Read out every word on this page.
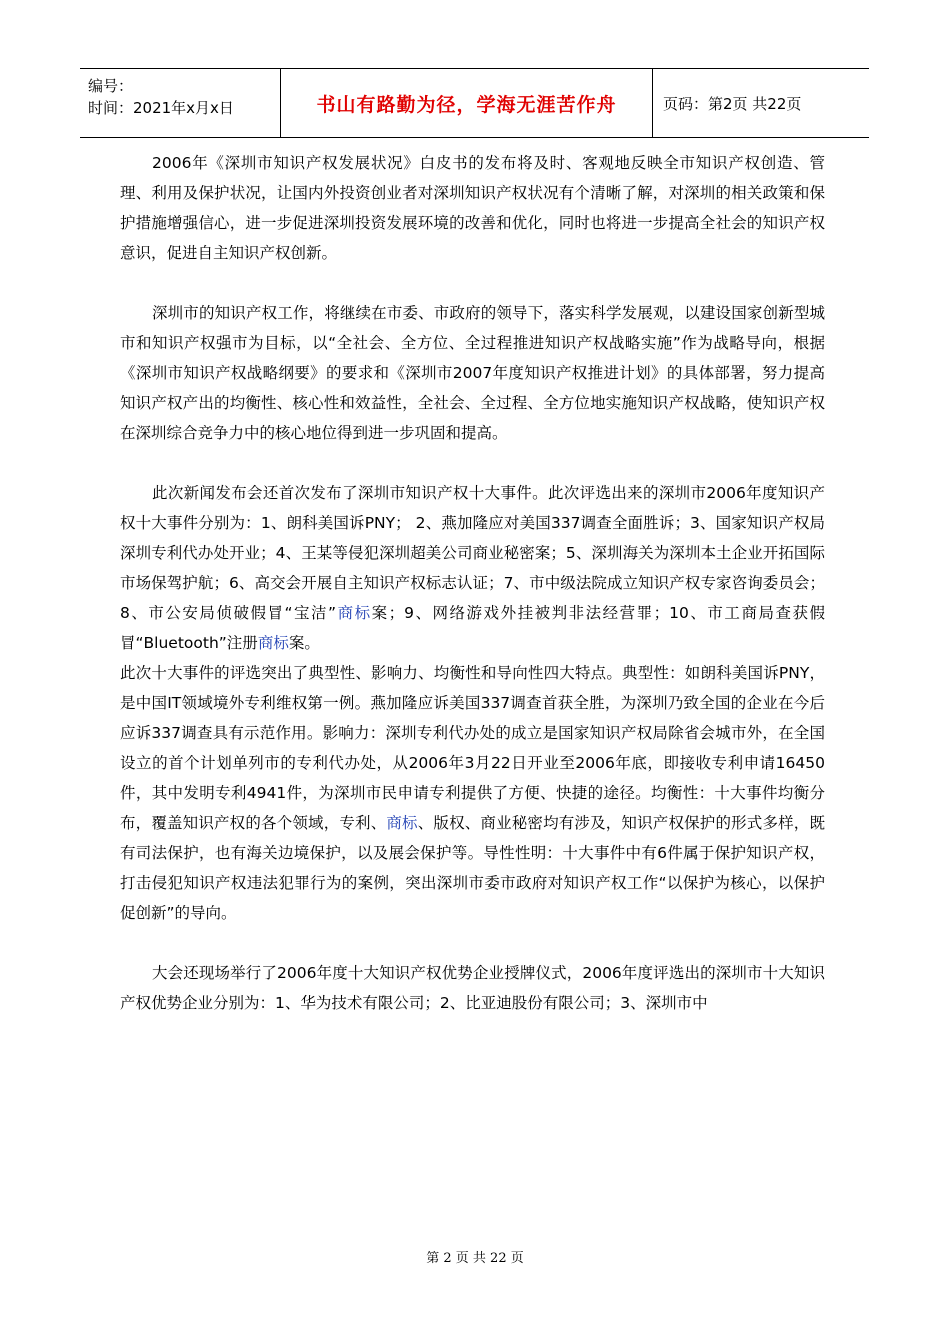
编号：
时间：2021年x月x日	书山有路勤为径，学海无涯苦作舟	页码：第2页 共22页

2006年《深圳市知识产权发展状况》白皮书的发布将及时、客观地反映全市知识产权创造、管理、利用及保护状况，让国内外投资创业者对深圳知识产权状况有个清晰了解，对深圳的相关政策和保护措施增强信心，进一步促进深圳投资发展环境的改善和优化，同时也将进一步提高全社会的知识产权意识，促进自主知识产权创新。

深圳市的知识产权工作，将继续在市委、市政府的领导下，落实科学发展观，以建设国家创新型城市和知识产权强市为目标，以“全社会、全方位、全过程推进知识产权战略实施”作为战略导向，根据《深圳市知识产权战略纲要》的要求和《深圳市2007年度知识产权推进计划》的具体部署，努力提高知识产权产出的均衡性、核心性和效益性，全社会、全过程、全方位地实施知识产权战略，使知识产权在深圳综合竞争力中的核心地位得到进一步巩固和提高。

此次新闻发布会还首次发布了深圳市知识产权十大事件。此次评选出来的深圳市2006年度知识产权十大事件分别为：1、朗科美国诉PNY； 2、燕加隆应对美国337调查全面胜诉；3、国家知识产权局深圳专利代办处开业；4、王某等侵犯深圳超美公司商业秘密案；5、深圳海关为深圳本土企业开拓国际市场保驾护航；6、高交会开展自主知识产权标志认证；7、市中级法院成立知识产权专家咨询委员会；8、市公安局侦破假冒“宝洁”商标案；9、网络游戏外挂被判非法经营罪；10、市工商局查获假冒“Bluetooth”注册商标案。

此次十大事件的评选突出了典型性、影响力、均衡性和导向性四大特点。典型性：如朗科美国诉PNY，是中国IT领域境外专利维权第一例。燕加隆应诉美国337调查首获全胜，为深圳乃致全国的企业在今后应诉337调查具有示范作用。影响力：深圳专利代办处的成立是国家知识产权局除省会城市外，在全国设立的首个计划单列市的专利代办处，从2006年3月22日开业至2006年底，即接收专利申请16450件，其中发明专利4941件，为深圳市民申请专利提供了方便、快捷的途径。均衡性：十大事件均衡分布，覆盖知识产权的各个领域，专利、商标、版权、商业秘密均有涉及，知识产权保护的形式多样，既有司法保护，也有海关边境保护，以及展会保护等。导性性明：十大事件中有6件属于保护知识产权，打击侵犯知识产权违法犯罪行为的案例，突出深圳市委市政府对知识产权工作“以保护为核心，以保护促创新”的导向。

大会还现场举行了2006年度十大知识产权优势企业授牌仪式，2006年度评选出的深圳市十大知识产权优势企业分别为：1、华为技术有限公司；2、比亚迪股份有限公司；3、深圳市中

第 2 页 共 22 页
